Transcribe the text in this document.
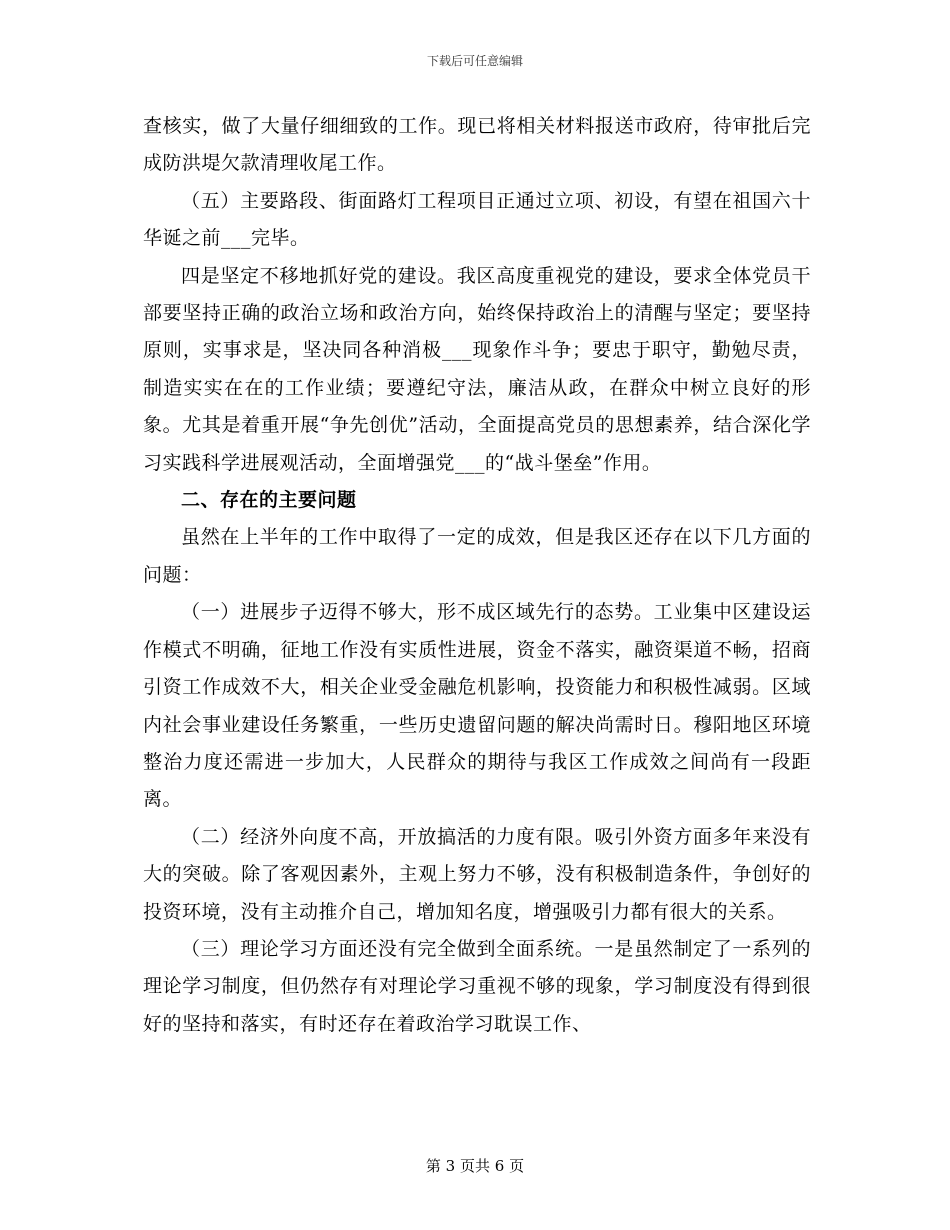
下载后可任意编辑

查核实，做了大量仔细细致的工作。现已将相关材料报送市政府，待审批后完成防洪堤欠款清理收尾工作。

（五）主要路段、街面路灯工程项目正通过立项、初设，有望在祖国六十华诞之前___完毕。

四是坚定不移地抓好党的建设。我区高度重视党的建设，要求全体党员干部要坚持正确的政治立场和政治方向，始终保持政治上的清醒与坚定；要坚持原则，实事求是，坚决同各种消极___现象作斗争；要忠于职守，勤勉尽责，制造实实在在的工作业绩；要遵纪守法，廉洁从政，在群众中树立良好的形象。尤其是着重开展“争先创优”活动，全面提高党员的思想素养，结合深化学习实践科学进展观活动，全面增强党___的“战斗堡垒”作用。

二、存在的主要问题

虽然在上半年的工作中取得了一定的成效，但是我区还存在以下几方面的问题：

（一）进展步子迈得不够大，形不成区域先行的态势。工业集中区建设运作模式不明确，征地工作没有实质性进展，资金不落实，融资渠道不畅，招商引资工作成效不大，相关企业受金融危机影响，投资能力和积极性减弱。区域内社会事业建设任务繁重，一些历史遗留问题的解决尚需时日。穆阳地区环境整治力度还需进一步加大，人民群众的期待与我区工作成效之间尚有一段距离。

（二）经济外向度不高，开放搞活的力度有限。吸引外资方面多年来没有大的突破。除了客观因素外，主观上努力不够，没有积极制造条件，争创好的投资环境，没有主动推介自己，增加知名度，增强吸引力都有很大的关系。

（三）理论学习方面还没有完全做到全面系统。一是虽然制定了一系列的理论学习制度，但仍然存有对理论学习重视不够的现象，学习制度没有得到很好的坚持和落实，有时还存在着政治学习耽误工作、

第 3 页共 6 页
